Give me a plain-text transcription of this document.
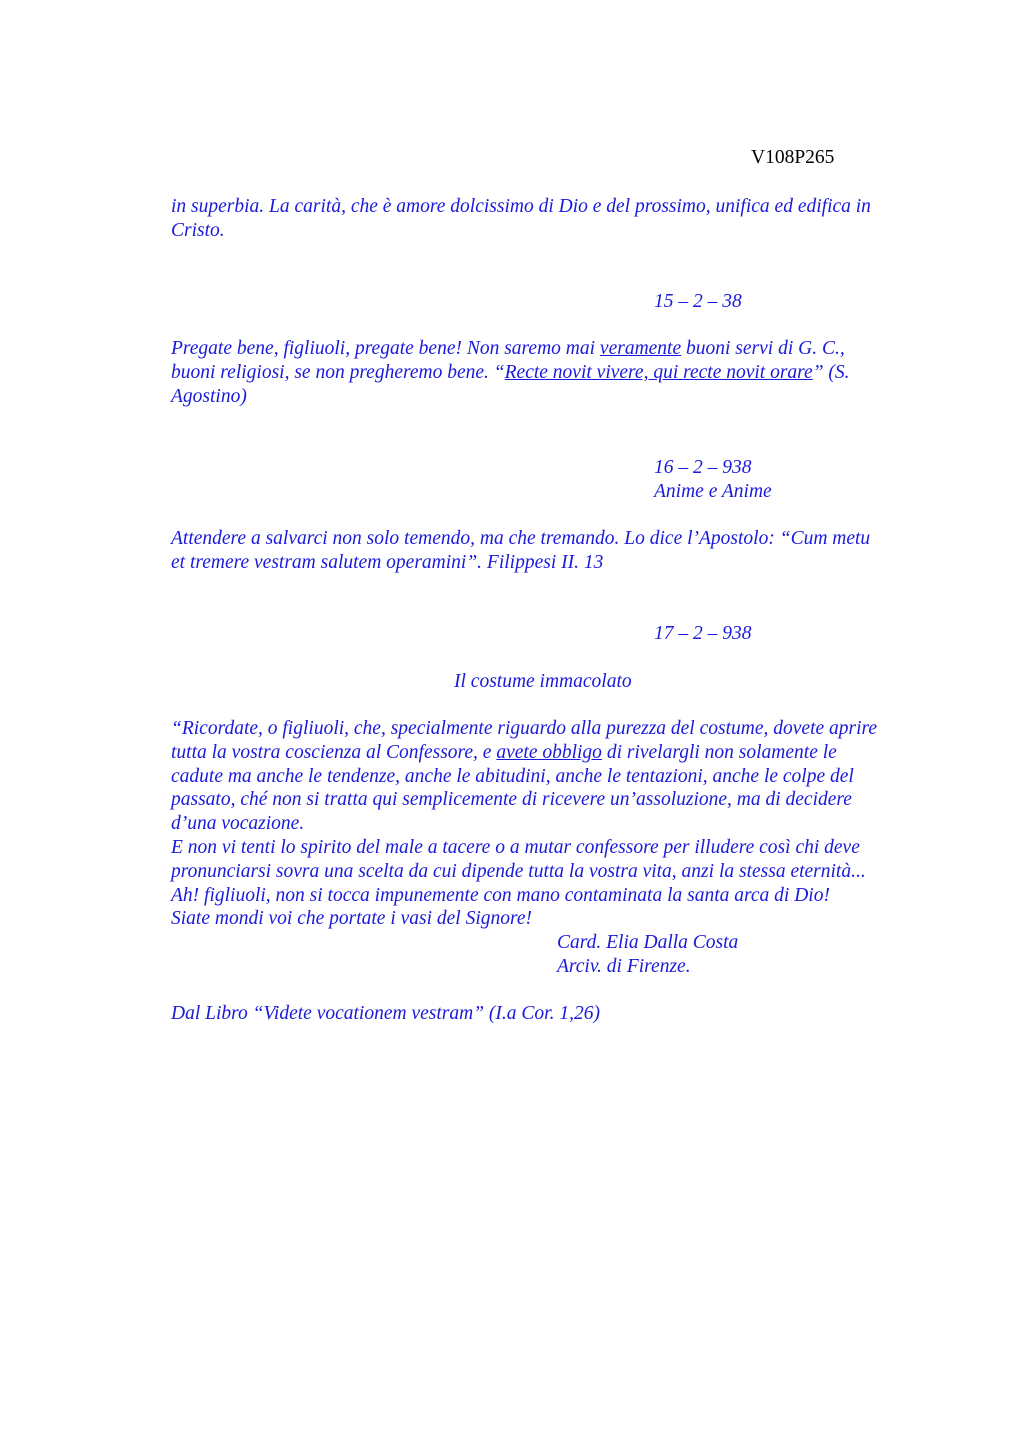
V108P265
in superbia. La carità, che è amore dolcissimo di Dio e del prossimo, unifica ed edifica in
Cristo.
15 – 2 – 38
Pregate bene, figliuoli, pregate bene! Non saremo mai veramente buoni servi di G. C.,
buoni religiosi, se non pregheremo bene. “Recte novit vivere, qui recte novit orare” (S.
Agostino)
16 – 2 – 938
Anime e Anime
Attendere a salvarci non solo temendo, ma che tremando. Lo dice l’Apostolo: “Cum metu
et tremere vestram salutem operamini”. Filippesi II. 13
17 – 2 – 938
Il costume immacolato
“Ricordate, o figliuoli, che, specialmente riguardo alla purezza del costume, dovete aprire
tutta la vostra coscienza al Confessore, e avete obbligo di rivelargli non solamente le
cadute ma anche le tendenze, anche le abitudini, anche le tentazioni, anche le colpe del
passato, ché non si tratta qui semplicemente di ricevere un’assoluzione, ma di decidere
d’una vocazione.
E non vi tenti lo spirito del male a tacere o a mutar confessore per illudere così chi deve
pronunciarsi sovra una scelta da cui dipende tutta la vostra vita, anzi la stessa eternità...
Ah! figliuoli, non si tocca impunemente con mano contaminata la santa arca di Dio!
Siate mondi voi che portate i vasi del Signore!
Card. Elia Dalla Costa
Arciv. di Firenze.
Dal Libro “Videte vocationem vestram” (I.a Cor. 1,26)
